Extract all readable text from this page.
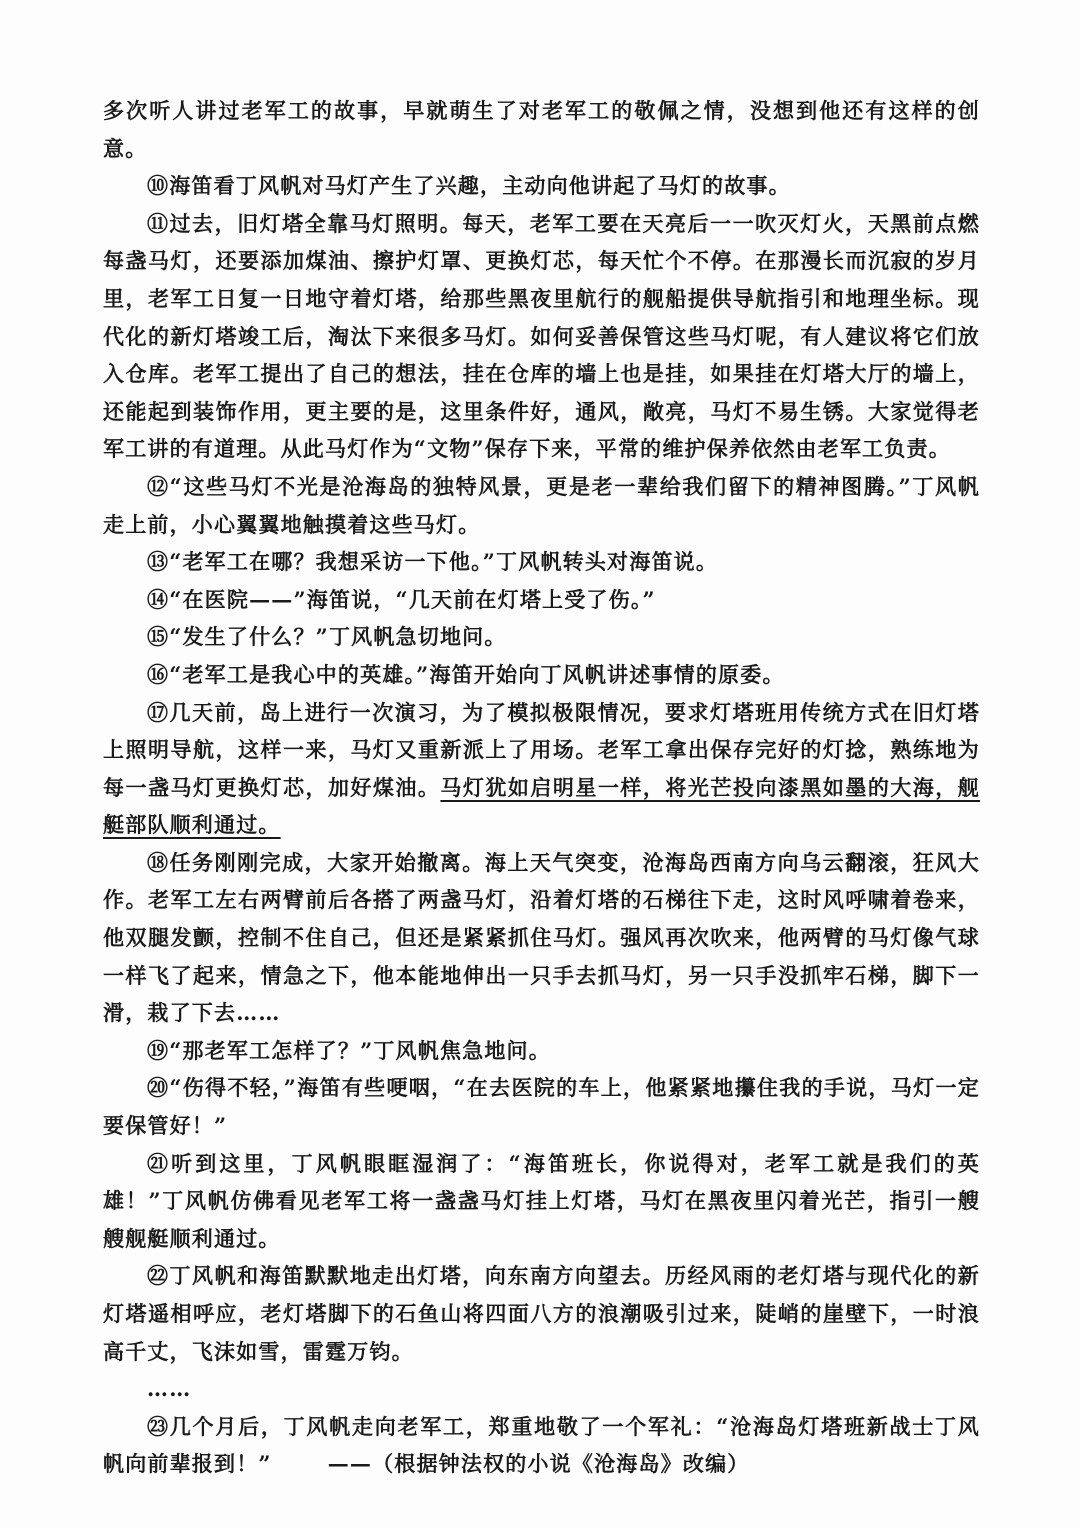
多次听人讲过老军工的故事，早就萌生了对老军工的敬佩之情，没想到他还有这样的创意。

⑩海笛看丁风帆对马灯产生了兴趣，主动向他讲起了马灯的故事。

⑪过去，旧灯塔全靠马灯照明。每天，老军工要在天亮后一一吹灭灯火，天黑前点燃每盏马灯，还要添加煤油、擦护灯罩、更换灯芯，每天忙个不停。在那漫长而沉寂的岁月里，老军工日复一日地守着灯塔，给那些黑夜里航行的舰船提供导航指引和地理坐标。现代化的新灯塔竣工后，淘汰下来很多马灯。如何妥善保管这些马灯呢，有人建议将它们放入仓库。老军工提出了自己的想法，挂在仓库的墙上也是挂，如果挂在灯塔大厅的墙上，还能起到装饰作用，更主要的是，这里条件好，通风，敞亮，马灯不易生锈。大家觉得老军工讲的有道理。从此马灯作为“文物”保存下来，平常的维护保养依然由老军工负责。

⑫“这些马灯不光是沧海岛的独特风景，更是老一辈给我们留下的精神图腾。”丁风帆走上前，小心翼翼地触摸着这些马灯。

⑬“老军工在哪？我想采访一下他。”丁风帆转头对海笛说。

⑭“在医院——”海笛说，“几天前在灯塔上受了伤。”

⑮“发生了什么？”丁风帆急切地问。

⑯“老军工是我心中的英雄。”海笛开始向丁风帆讲述事情的原委。

⑰几天前，岛上进行一次演习，为了模拟极限情况，要求灯塔班用传统方式在旧灯塔上照明导航，这样一来，马灯又重新派上了用场。老军工拿出保存完好的灯捻，熟练地为每一盏马灯更换灯芯，加好煤油。马灯犹如启明星一样，将光芒投向漆黑如墨的大海，舰艇部队顺利通过。

⑱任务刚刚完成，大家开始撤离。海上天气突变，沧海岛西南方向乌云翻滚，狂风大作。老军工左右两臂前后各搭了两盏马灯，沿着灯塔的石梯往下走，这时风呼啸着卷来，他双腿发颤，控制不住自己，但还是紧紧抓住马灯。强风再次吹来，他两臂的马灯像气球一样飞了起来，情急之下，他本能地伸出一只手去抓马灯，另一只手没抓牢石梯，脚下一滑，栽了下去……

⑲“那老军工怎样了？”丁风帆焦急地问。

⑳“伤得不轻，”海笛有些哽咽，“在去医院的车上，他紧紧地攥住我的手说，马灯一定要保管好！”

㉑听到这里，丁风帆眼眶湿润了：“海笛班长，你说得对，老军工就是我们的英雄！”丁风帆仿佛看见老军工将一盏盏马灯挂上灯塔，马灯在黑夜里闪着光芒，指引一艘艘舰艇顺利通过。

㉒丁风帆和海笛默默地走出灯塔，向东南方向望去。历经风雨的老灯塔与现代化的新灯塔遥相呼应，老灯塔脚下的石鱼山将四面八方的浪潮吸引过来，陡峭的崖壁下，一时浪高千丈，飞沫如雪，雷霆万钧。

……

㉓几个月后，丁风帆走向老军工，郑重地敬了一个军礼：“沧海岛灯塔班新战士丁风帆向前辈报到！”	——（根据钟法权的小说《沧海岛》改编）
